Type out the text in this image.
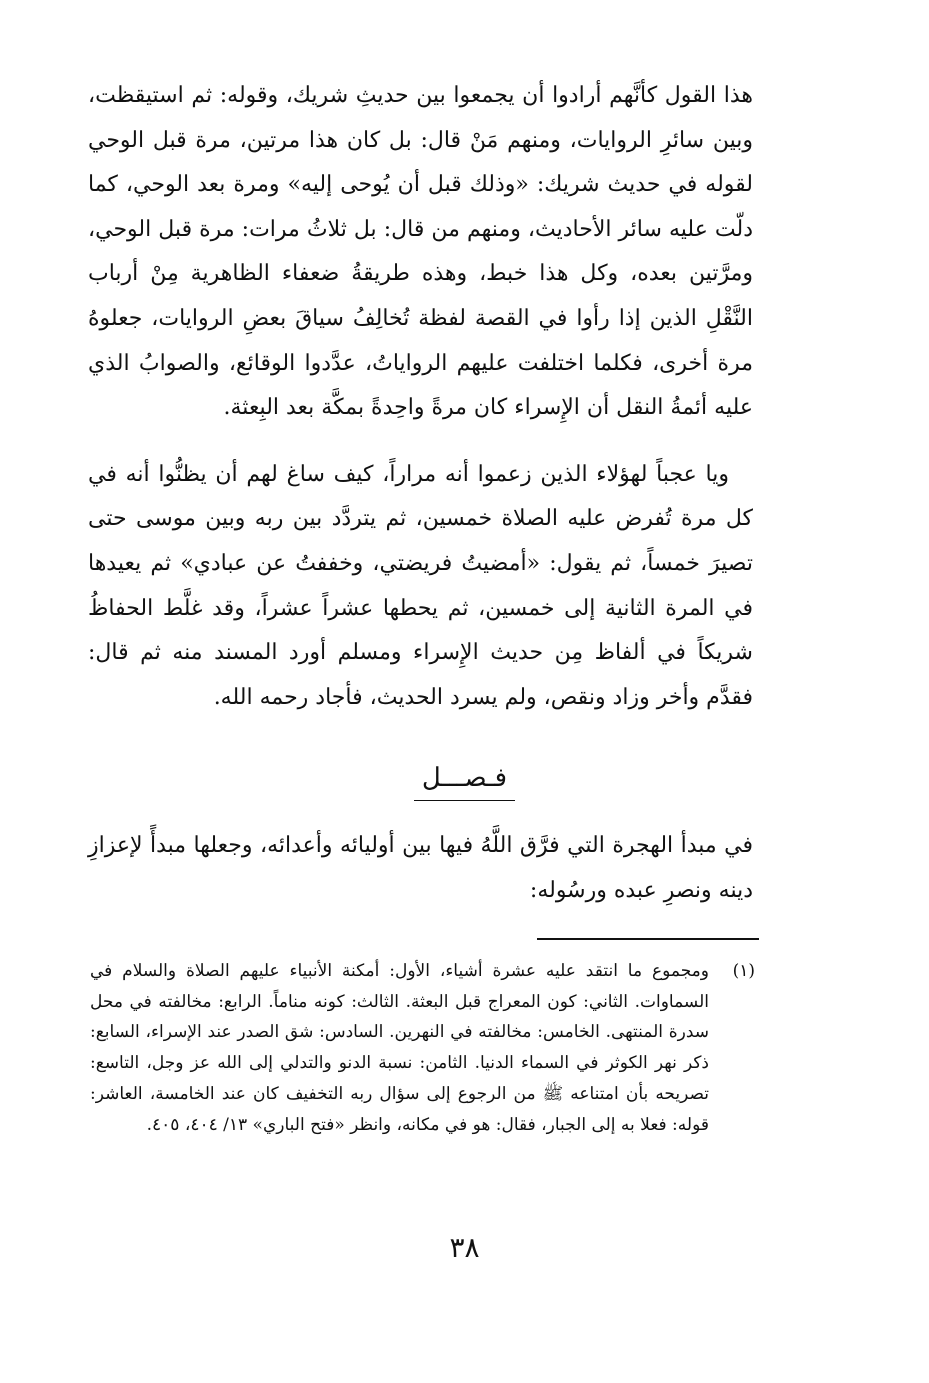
هذا القول كأنَّهم أرادوا أن يجمعوا بين حديثِ شريك، وقوله: ثم استيقظت، وبين سائرِ الروايات، ومنهم مَنْ قال: بل كان هذا مرتين، مرة قبل الوحي لقوله في حديث شريك: «وذلك قبل أن يُوحى إليه» ومرة بعد الوحي، كما دلّت عليه سائر الأحاديث، ومنهم من قال: بل ثلاثُ مرات: مرة قبل الوحي، ومرَّتين بعده، وكل هذا خبط، وهذه طريقةُ ضعفاء الظاهرية مِنْ أرباب النَّقْلِ الذين إذا رأوا في القصة لفظة تُخالِفُ سياقَ بعضِ الروايات، جعلوهُ مرة أخرى، فكلما اختلفت عليهم الرواياتُ، عدَّدوا الوقائع، والصوابُ الذي عليه أئمةُ النقل أن الإِسراء كان مرةً واحِدةً بمكَّة بعد البِعثة.

ويا عجباً لهؤلاء الذين زعموا أنه مراراً، كيف ساغ لهم أن يظنُّوا أنه في كل مرة تُفرض عليه الصلاة خمسين، ثم يتردَّد بين ربه وبين موسى حتى تصيرَ خمساً، ثم يقول: «أمضيتُ فريضتي، وخففتُ عن عبادي» ثم يعيدها في المرة الثانية إلى خمسين، ثم يحطها عشراً عشراً، وقد غلَّط الحفاظُ شريكاً في ألفاظ مِن حديث الإِسراء ومسلم أورد المسند منه ثم قال: فقدَّم وأخر وزاد ونقص، ولم يسرد الحديث، فأجاد رحمه الله.

فـصـــل

في مبدأ الهجرة التي فرَّق اللَّهُ فيها بين أوليائه وأعدائه، وجعلها مبدأً لإعزازِ دينه ونصرِ عبده ورسُوله:

(١)
ومجموع ما انتقد عليه عشرة أشياء، الأول: أمكنة الأنبياء عليهم الصلاة والسلام في السماوات. الثاني: كون المعراج قبل البعثة. الثالث: كونه مناماً. الرابع: مخالفته في محل سدرة المنتهى. الخامس: مخالفته في النهرين. السادس: شق الصدر عند الإسراء، السابع: ذكر نهر الكوثر في السماء الدنيا. الثامن: نسبة الدنو والتدلي إلى الله عز وجل، التاسع: تصريحه بأن امتناعه ﷺ من الرجوع إلى سؤال ربه التخفيف كان عند الخامسة، العاشر: قوله: فعلا به إلى الجبار، فقال: هو في مكانه، وانظر «فتح الباري» ١٣/ ٤٠٤، ٤٠٥.
٣٨
